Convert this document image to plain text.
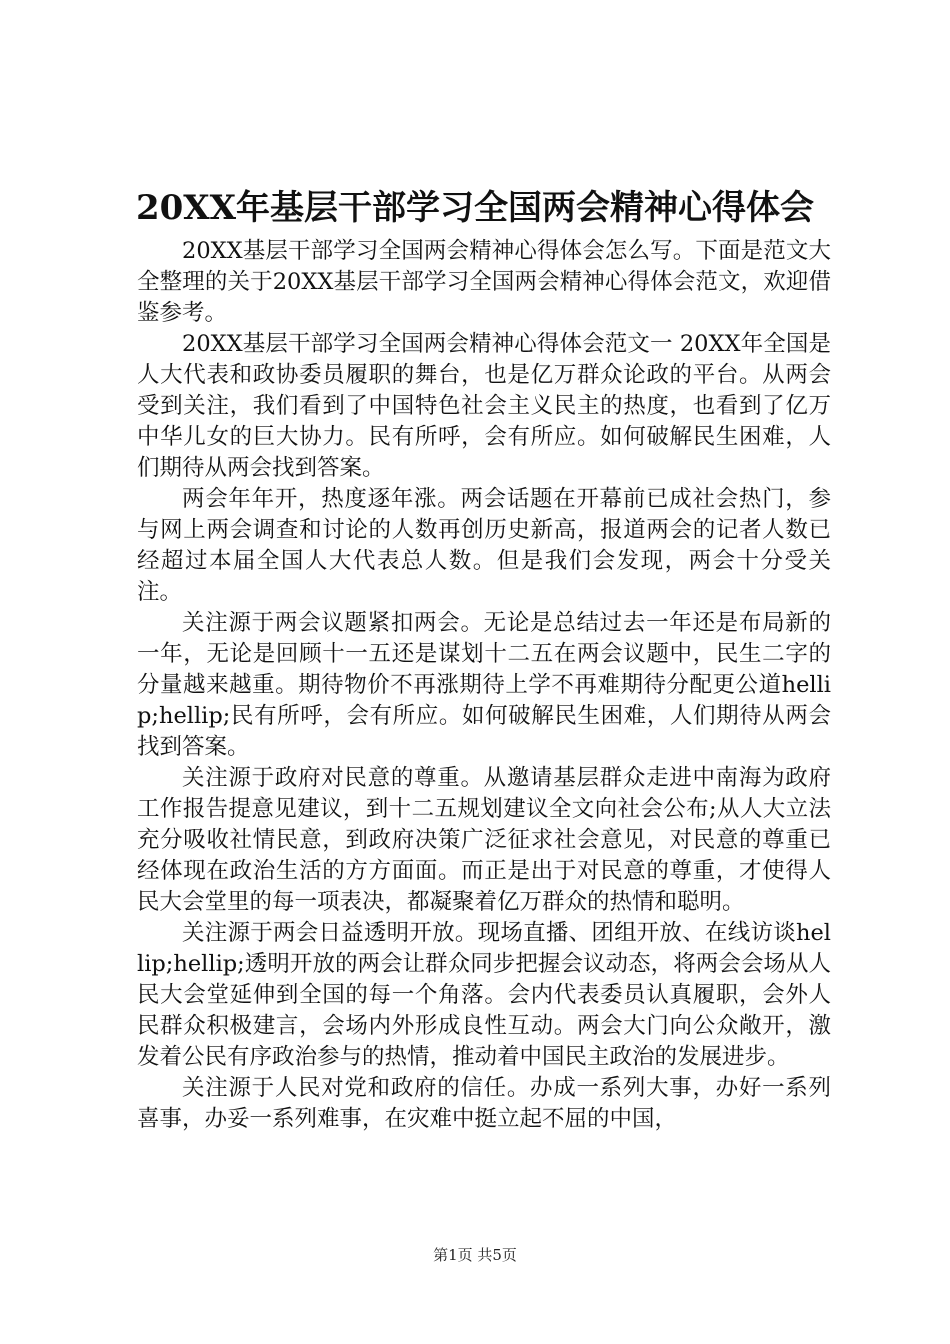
20XX年基层干部学习全国两会精神心得体会

20XX基层干部学习全国两会精神心得体会怎么写。下面是范文大全整理的关于20XX基层干部学习全国两会精神心得体会范文，欢迎借鉴参考。

20XX基层干部学习全国两会精神心得体会范文一 20XX年全国是人大代表和政协委员履职的舞台，也是亿万群众论政的平台。从两会受到关注，我们看到了中国特色社会主义民主的热度，也看到了亿万中华儿女的巨大协力。民有所呼，会有所应。如何破解民生困难，人们期待从两会找到答案。

两会年年开，热度逐年涨。两会话题在开幕前已成社会热门，参与网上两会调查和讨论的人数再创历史新高，报道两会的记者人数已经超过本届全国人大代表总人数。但是我们会发现，两会十分受关注。

关注源于两会议题紧扣两会。无论是总结过去一年还是布局新的一年，无论是回顾十一五还是谋划十二五在两会议题中，民生二字的分量越来越重。期待物价不再涨期待上学不再难期待分配更公道hellip;hellip;民有所呼，会有所应。如何破解民生困难，人们期待从两会找到答案。

关注源于政府对民意的尊重。从邀请基层群众走进中南海为政府工作报告提意见建议，到十二五规划建议全文向社会公布;从人大立法充分吸收社情民意，到政府决策广泛征求社会意见，对民意的尊重已经体现在政治生活的方方面面。而正是出于对民意的尊重，才使得人民大会堂里的每一项表决，都凝聚着亿万群众的热情和聪明。

关注源于两会日益透明开放。现场直播、团组开放、在线访谈hellip;hellip;透明开放的两会让群众同步把握会议动态，将两会会场从人民大会堂延伸到全国的每一个角落。会内代表委员认真履职，会外人民群众积极建言，会场内外形成良性互动。两会大门向公众敞开，激发着公民有序政治参与的热情，推动着中国民主政治的发展进步。

关注源于人民对党和政府的信任。办成一系列大事，办好一系列喜事，办妥一系列难事，在灾难中挺立起不屈的中国，

第1页 共5页
